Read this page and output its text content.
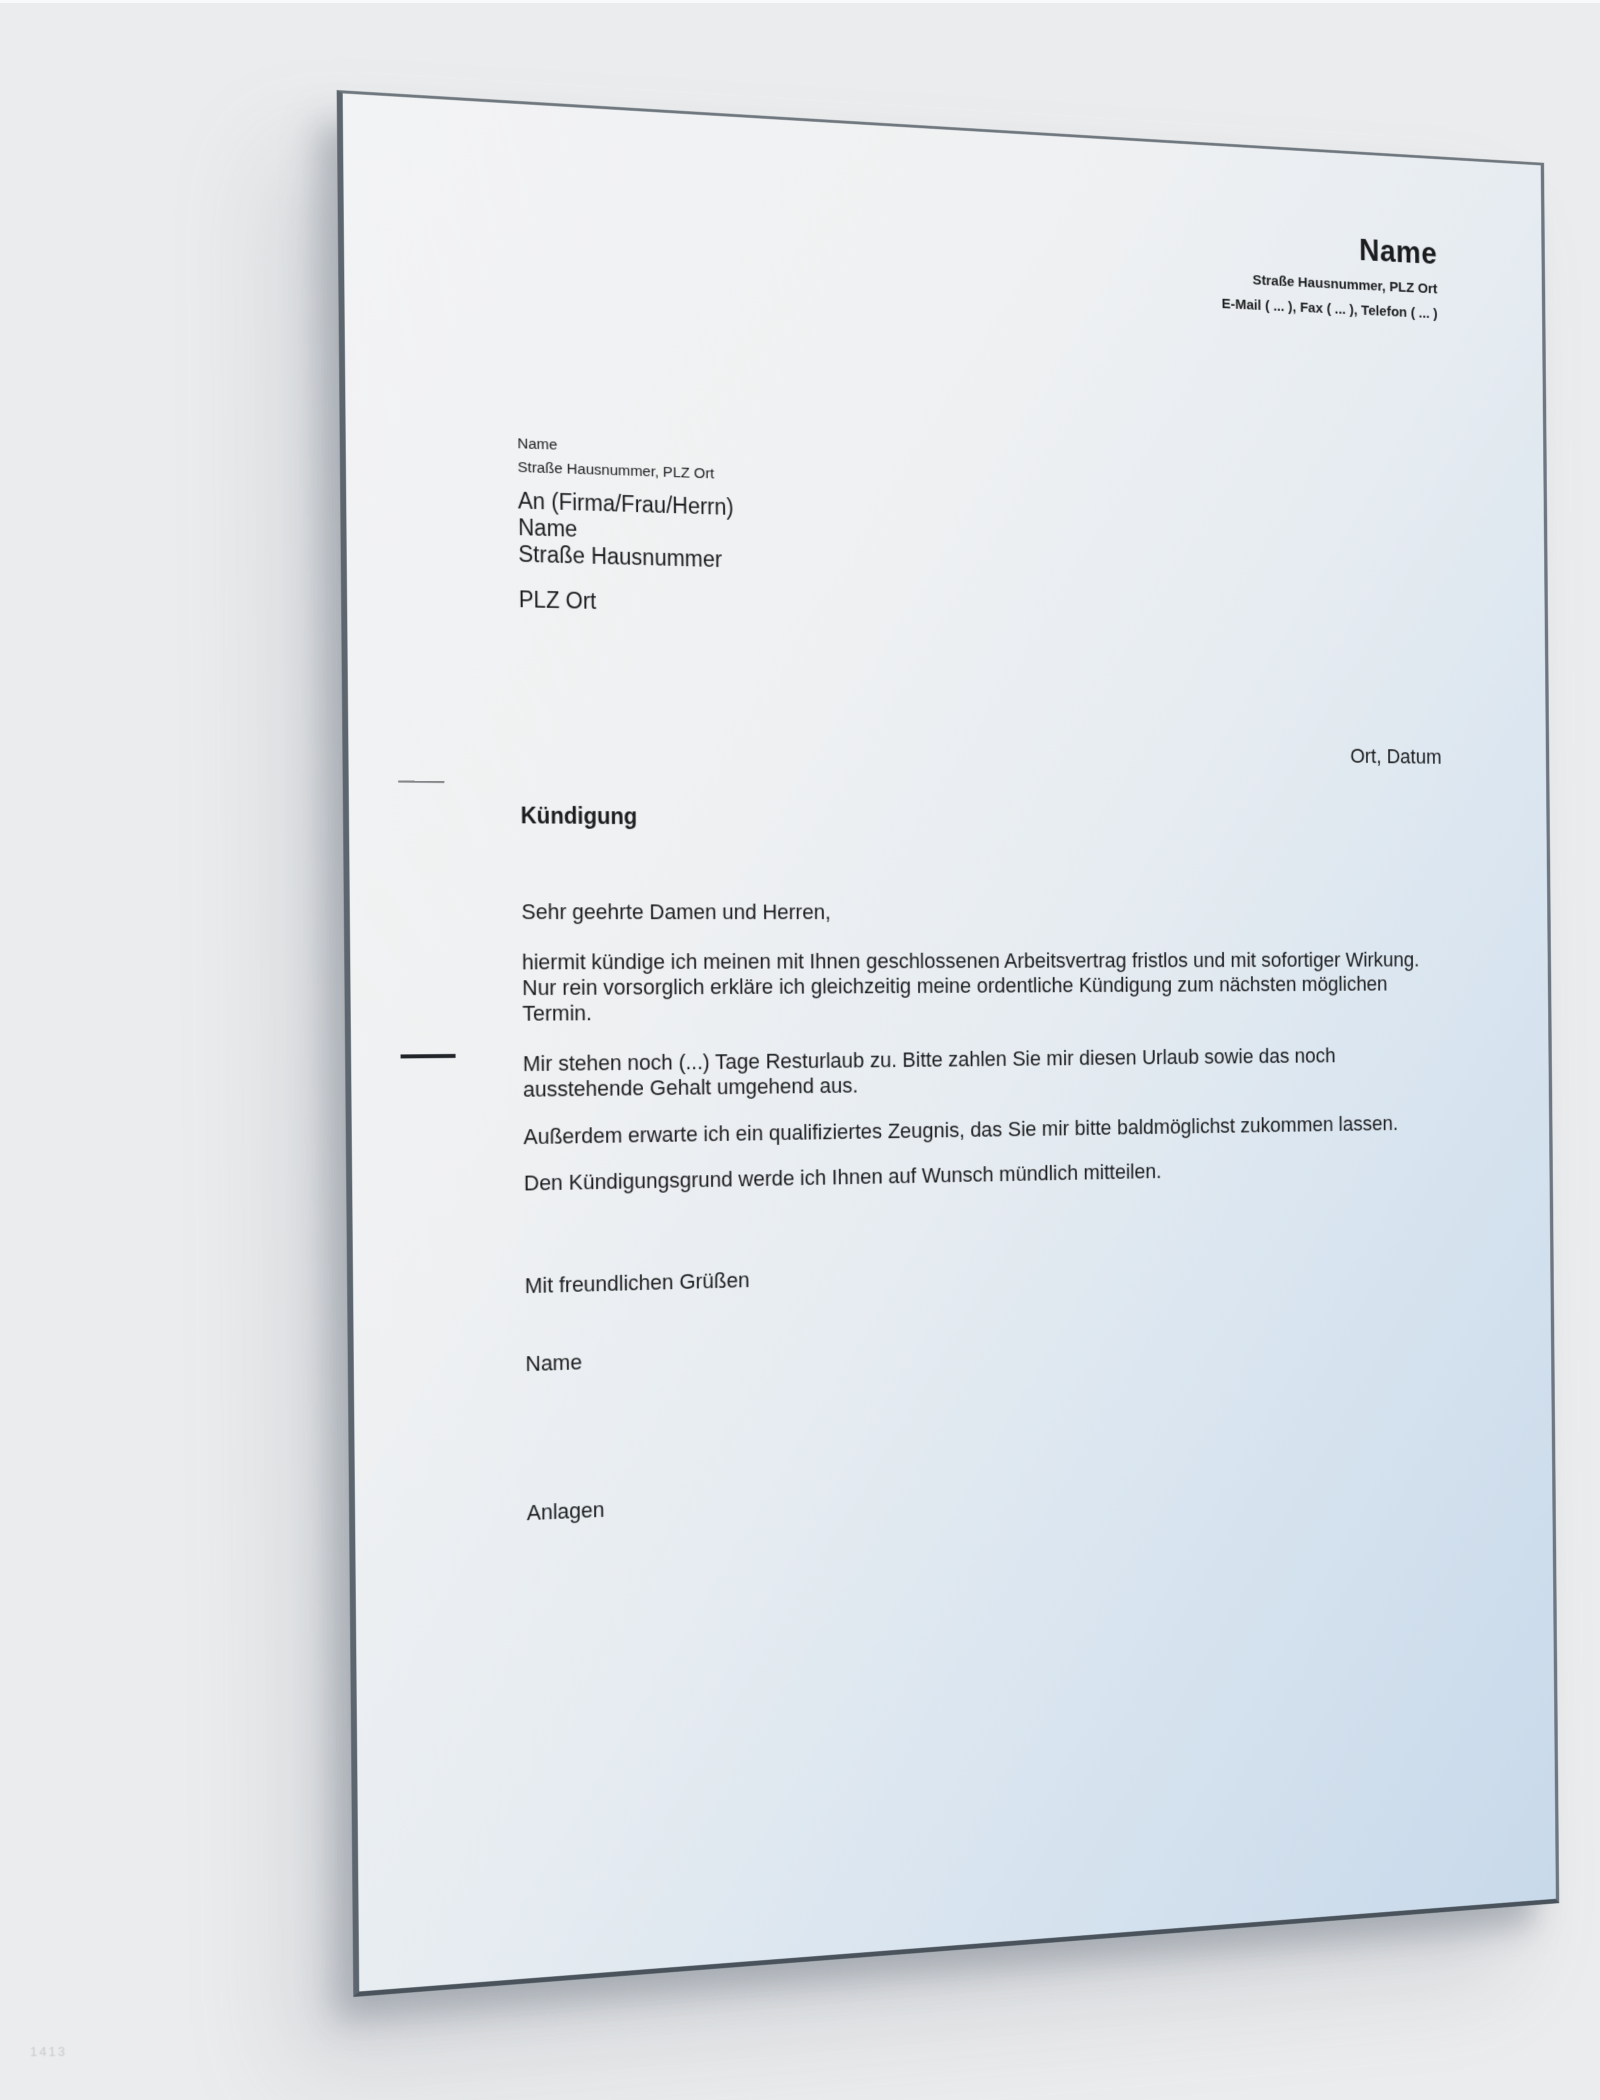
Name
Straße Hausnummer, PLZ Ort
E-Mail ( ... ), Fax ( ... ), Telefon ( ... )
Name
Straße Hausnummer, PLZ Ort
An (Firma/Frau/Herrn)
Name
Straße Hausnummer
PLZ Ort
Ort, Datum
Kündigung
Sehr geehrte Damen und Herren,
hiermit kündige ich meinen mit Ihnen geschlossenen Arbeitsvertrag fristlos und mit sofortiger Wirkung. Nur rein vorsorglich erkläre ich gleichzeitig meine ordentliche Kündigung zum nächsten möglichen Termin.
Mir stehen noch (...) Tage Resturlaub zu. Bitte zahlen Sie mir diesen Urlaub sowie das noch ausstehende Gehalt umgehend aus.
Außerdem erwarte ich ein qualifiziertes Zeugnis, das Sie mir bitte baldmöglichst zukommen lassen.
Den Kündigungsgrund werde ich Ihnen auf Wunsch mündlich mitteilen.
Mit freundlichen Grüßen
Name
Anlagen
1413
